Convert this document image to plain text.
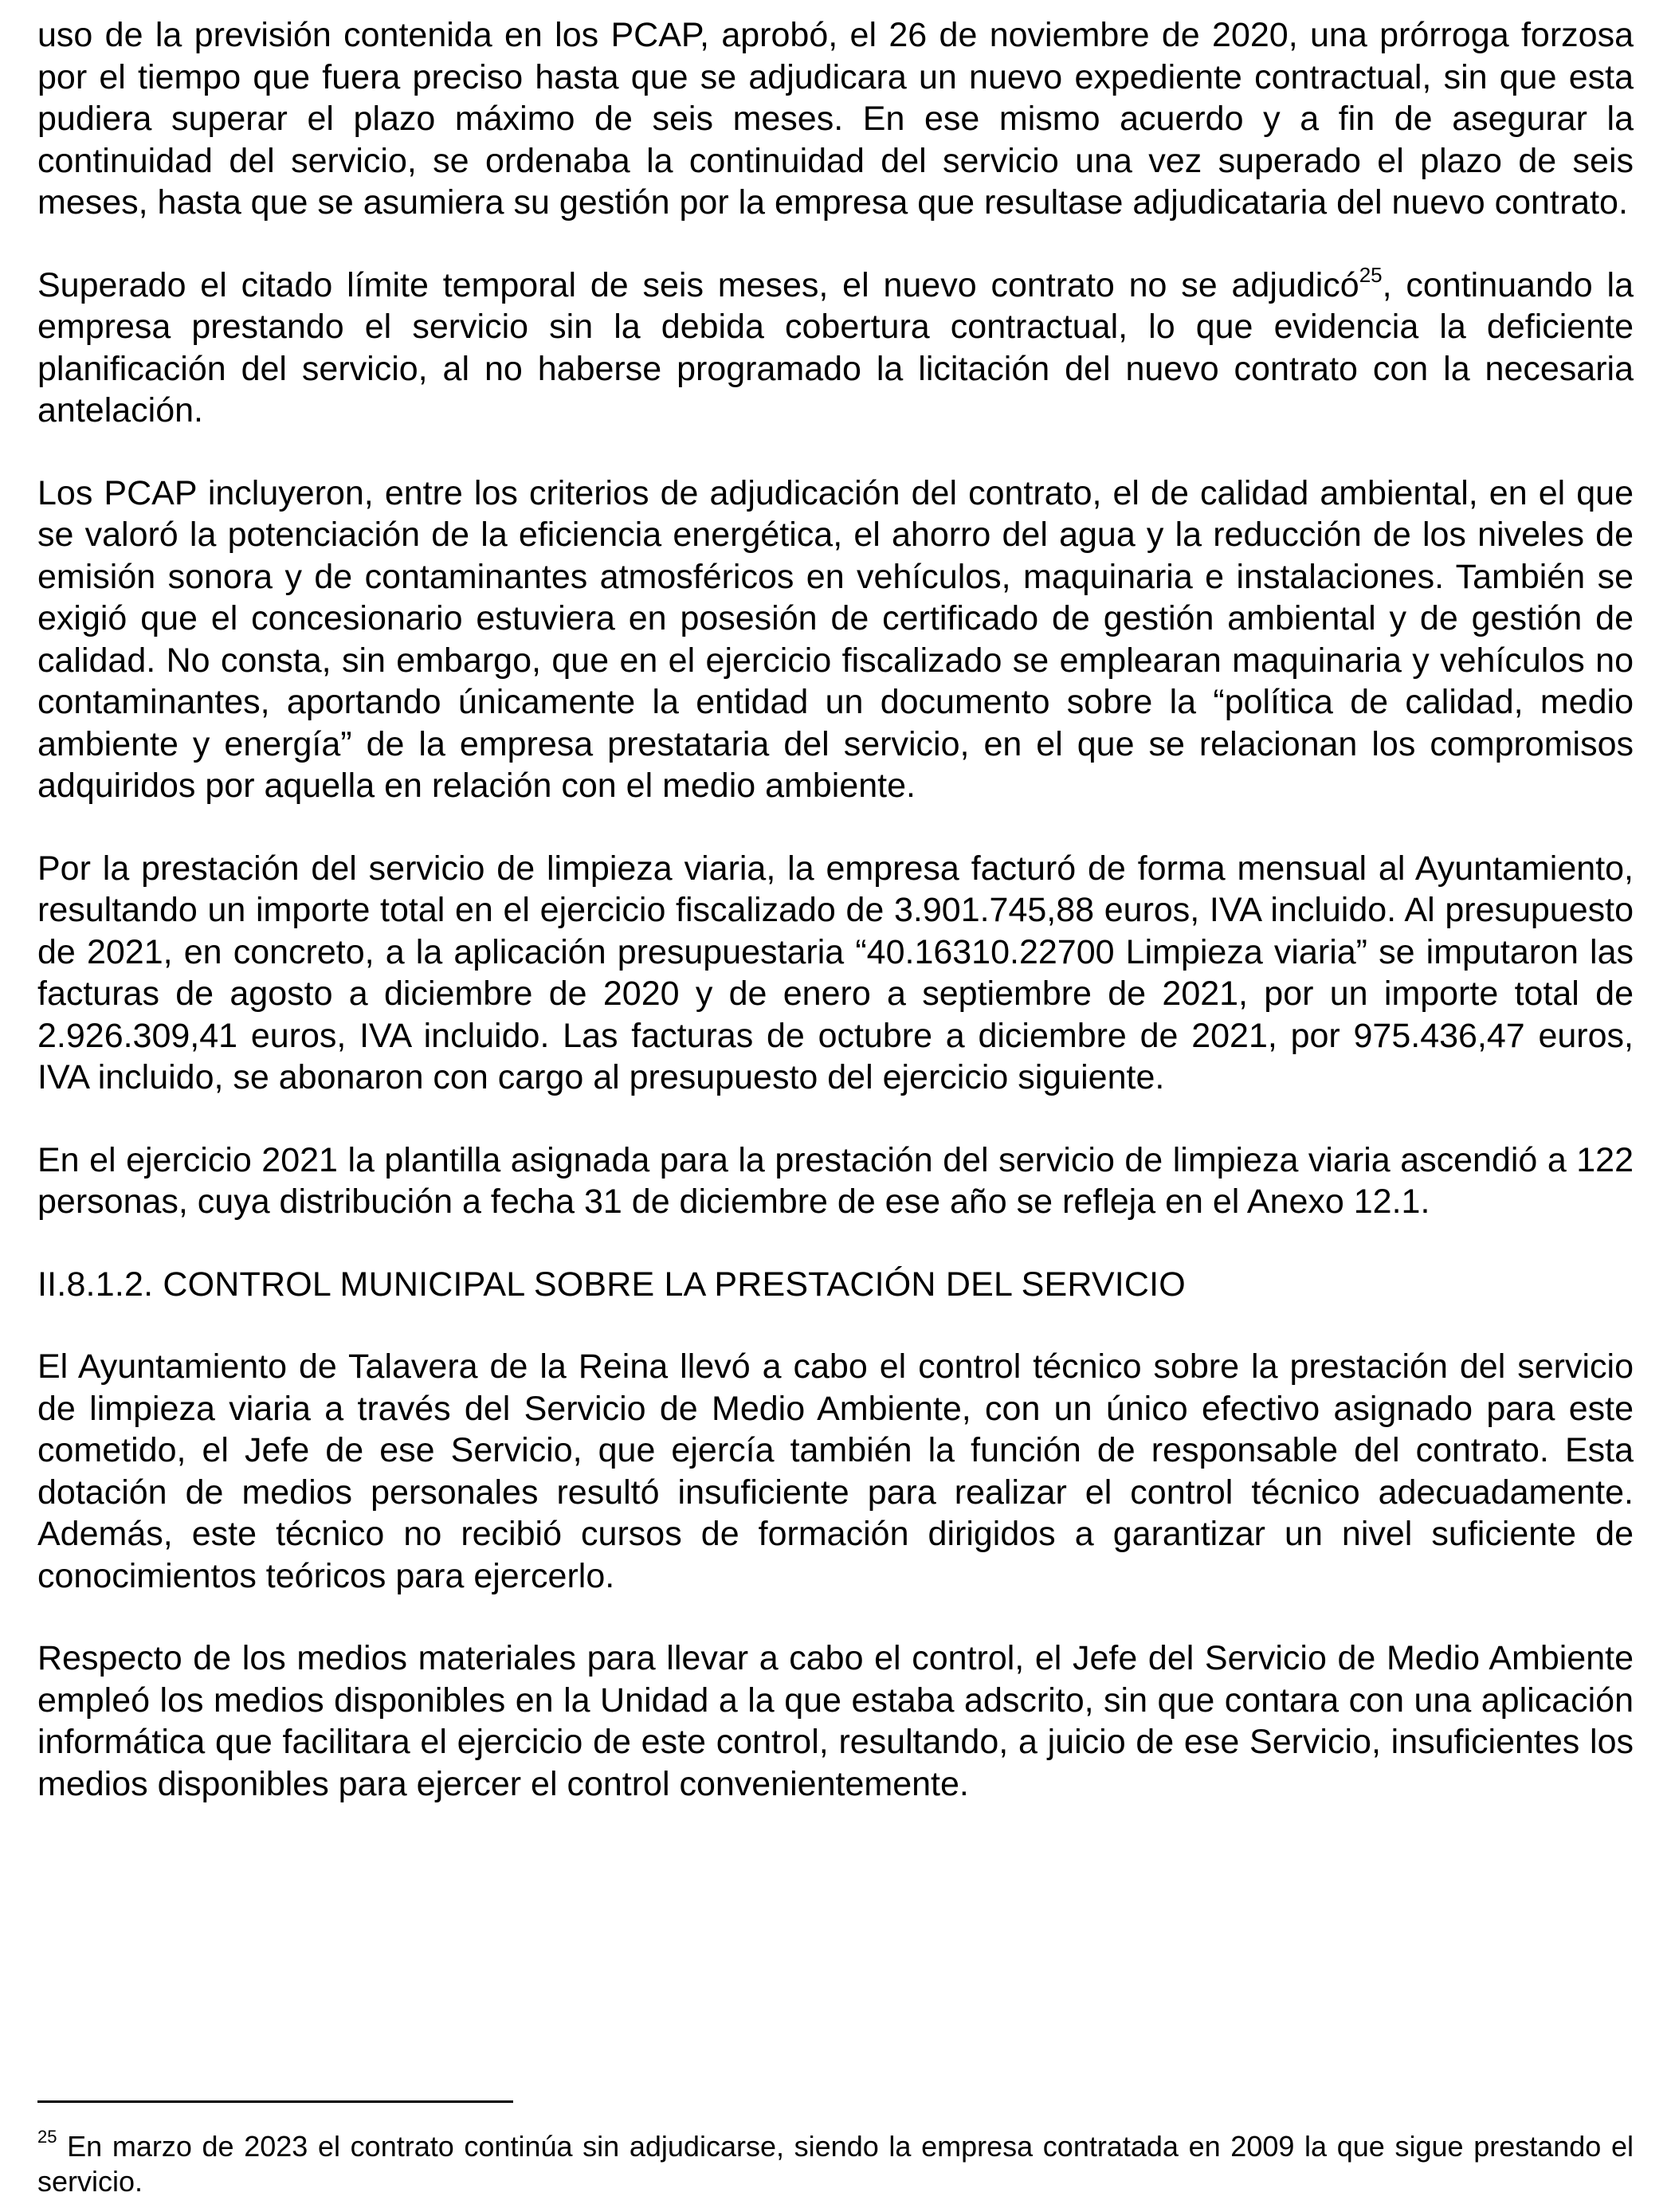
uso de la previsión contenida en los PCAP, aprobó, el 26 de noviembre de 2020, una prórroga forzosa por el tiempo que fuera preciso hasta que se adjudicara un nuevo expediente contractual, sin que esta pudiera superar el plazo máximo de seis meses. En ese mismo acuerdo y a fin de asegurar la continuidad del servicio, se ordenaba la continuidad del servicio una vez superado el plazo de seis meses, hasta que se asumiera su gestión por la empresa que resultase adjudicataria del nuevo contrato.

Superado el citado límite temporal de seis meses, el nuevo contrato no se adjudicó$^{25}$, continuando la empresa prestando el servicio sin la debida cobertura contractual, lo que evidencia la deficiente planificación del servicio, al no haberse programado la licitación del nuevo contrato con la necesaria antelación.

Los PCAP incluyeron, entre los criterios de adjudicación del contrato, el de calidad ambiental, en el que se valoró la potenciación de la eficiencia energética, el ahorro del agua y la reducción de los niveles de emisión sonora y de contaminantes atmosféricos en vehículos, maquinaria e instalaciones. También se exigió que el concesionario estuviera en posesión de certificado de gestión ambiental y de gestión de calidad. No consta, sin embargo, que en el ejercicio fiscalizado se emplearan maquinaria y vehículos no contaminantes, aportando únicamente la entidad un documento sobre la “política de calidad, medio ambiente y energía” de la empresa prestataria del servicio, en el que se relacionan los compromisos adquiridos por aquella en relación con el medio ambiente.

Por la prestación del servicio de limpieza viaria, la empresa facturó de forma mensual al Ayuntamiento, resultando un importe total en el ejercicio fiscalizado de 3.901.745,88 euros, IVA incluido. Al presupuesto de 2021, en concreto, a la aplicación presupuestaria “40.16310.22700 Limpieza viaria” se imputaron las facturas de agosto a diciembre de 2020 y de enero a septiembre de 2021, por un importe total de 2.926.309,41 euros, IVA incluido. Las facturas de octubre a diciembre de 2021, por 975.436,47 euros, IVA incluido, se abonaron con cargo al presupuesto del ejercicio siguiente.

En el ejercicio 2021 la plantilla asignada para la prestación del servicio de limpieza viaria ascendió a 122 personas, cuya distribución a fecha 31 de diciembre de ese año se refleja en el Anexo 12.1.

II.8.1.2. CONTROL MUNICIPAL SOBRE LA PRESTACIÓN DEL SERVICIO

El Ayuntamiento de Talavera de la Reina llevó a cabo el control técnico sobre la prestación del servicio de limpieza viaria a través del Servicio de Medio Ambiente, con un único efectivo asignado para este cometido, el Jefe de ese Servicio, que ejercía también la función de responsable del contrato. Esta dotación de medios personales resultó insuficiente para realizar el control técnico adecuadamente. Además, este técnico no recibió cursos de formación dirigidos a garantizar un nivel suficiente de conocimientos teóricos para ejercerlo.

Respecto de los medios materiales para llevar a cabo el control, el Jefe del Servicio de Medio Ambiente empleó los medios disponibles en la Unidad a la que estaba adscrito, sin que contara con una aplicación informática que facilitara el ejercicio de este control, resultando, a juicio de ese Servicio, insuficientes los medios disponibles para ejercer el control convenientemente.

$^{25}$ En marzo de 2023 el contrato continúa sin adjudicarse, siendo la empresa contratada en 2009 la que sigue prestando el servicio.
